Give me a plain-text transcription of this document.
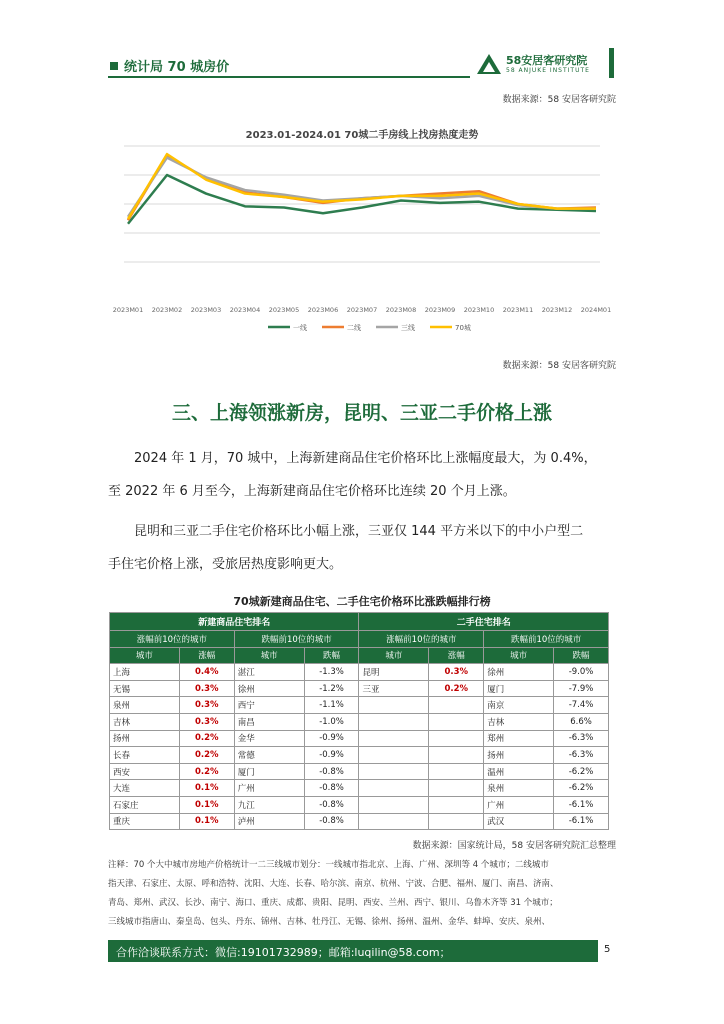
统计局 70 城房价	58安居客研究院
58 ANJUKE INSTITUTE
数据来源：58 安居客研究院
2023.01-2024.01 70城二手房线上找房热度走势
2023M01 2023M02 2023M03 2023M04 2023M05 2023M06 2023M07 2023M08 2023M09 2023M10 2023M11 2023M12 2024M01
一线	二线	三线	70城
数据来源：58 安居客研究院
三、上海领涨新房，昆明、三亚二手价格上涨
2024 年 1 月，70 城中，上海新建商品住宅价格环比上涨幅度最大，为 0.4%，
至 2022 年 6 月至今，上海新建商品住宅价格环比连续 20 个月上涨。
昆明和三亚二手住宅价格环比小幅上涨，三亚仅 144 平方米以下的中小户型二
手住宅价格上涨，受旅居热度影响更大。
70城新建商品住宅、二手住宅价格环比涨跌幅排行榜
新建商品住宅排名				二手住宅排名			
涨幅前10位的城市		跌幅前10位的城市		涨幅前10位的城市		跌幅前10位的城市	
城市	涨幅	城市	跌幅	城市	涨幅	城市	跌幅
上海	0.4%	湛江	-1.3%	昆明	0.3%	徐州	-9.0%
无锡	0.3%	徐州	-1.2%	三亚	0.2%	厦门	-7.9%
泉州	0.3%	西宁	-1.1%			南京	-7.4%
吉林	0.3%	南昌	-1.0%			吉林	6.6%
扬州	0.2%	金华	-0.9%			郑州	-6.3%
长春	0.2%	常德	-0.9%			扬州	-6.3%
西安	0.2%	厦门	-0.8%			温州	-6.2%
大连	0.1%	广州	-0.8%			泉州	-6.2%
石家庄	0.1%	九江	-0.8%			广州	-6.1%
重庆	0.1%	泸州	-0.8%			武汉	-6.1%
数据来源：国家统计局，58 安居客研究院汇总整理
注释：70 个大中城市房地产价格统计一二三线城市划分：一线城市指北京、上海、广州、深圳等 4 个城市；二线城市
指天津、石家庄、太原、呼和浩特、沈阳、大连、长春、哈尔滨、南京、杭州、宁波、合肥、福州、厦门、南昌、济南、
青岛、郑州、武汉、长沙、南宁、海口、重庆、成都、贵阳、昆明、西安、兰州、西宁、银川、乌鲁木齐等 31 个城市；
三线城市指唐山、秦皇岛、包头、丹东、锦州、吉林、牡丹江、无锡、徐州、扬州、温州、金华、蚌埠、安庆、泉州、
合作洽谈联系方式：微信:19101732989；邮箱:luqilin@58.com；	5
